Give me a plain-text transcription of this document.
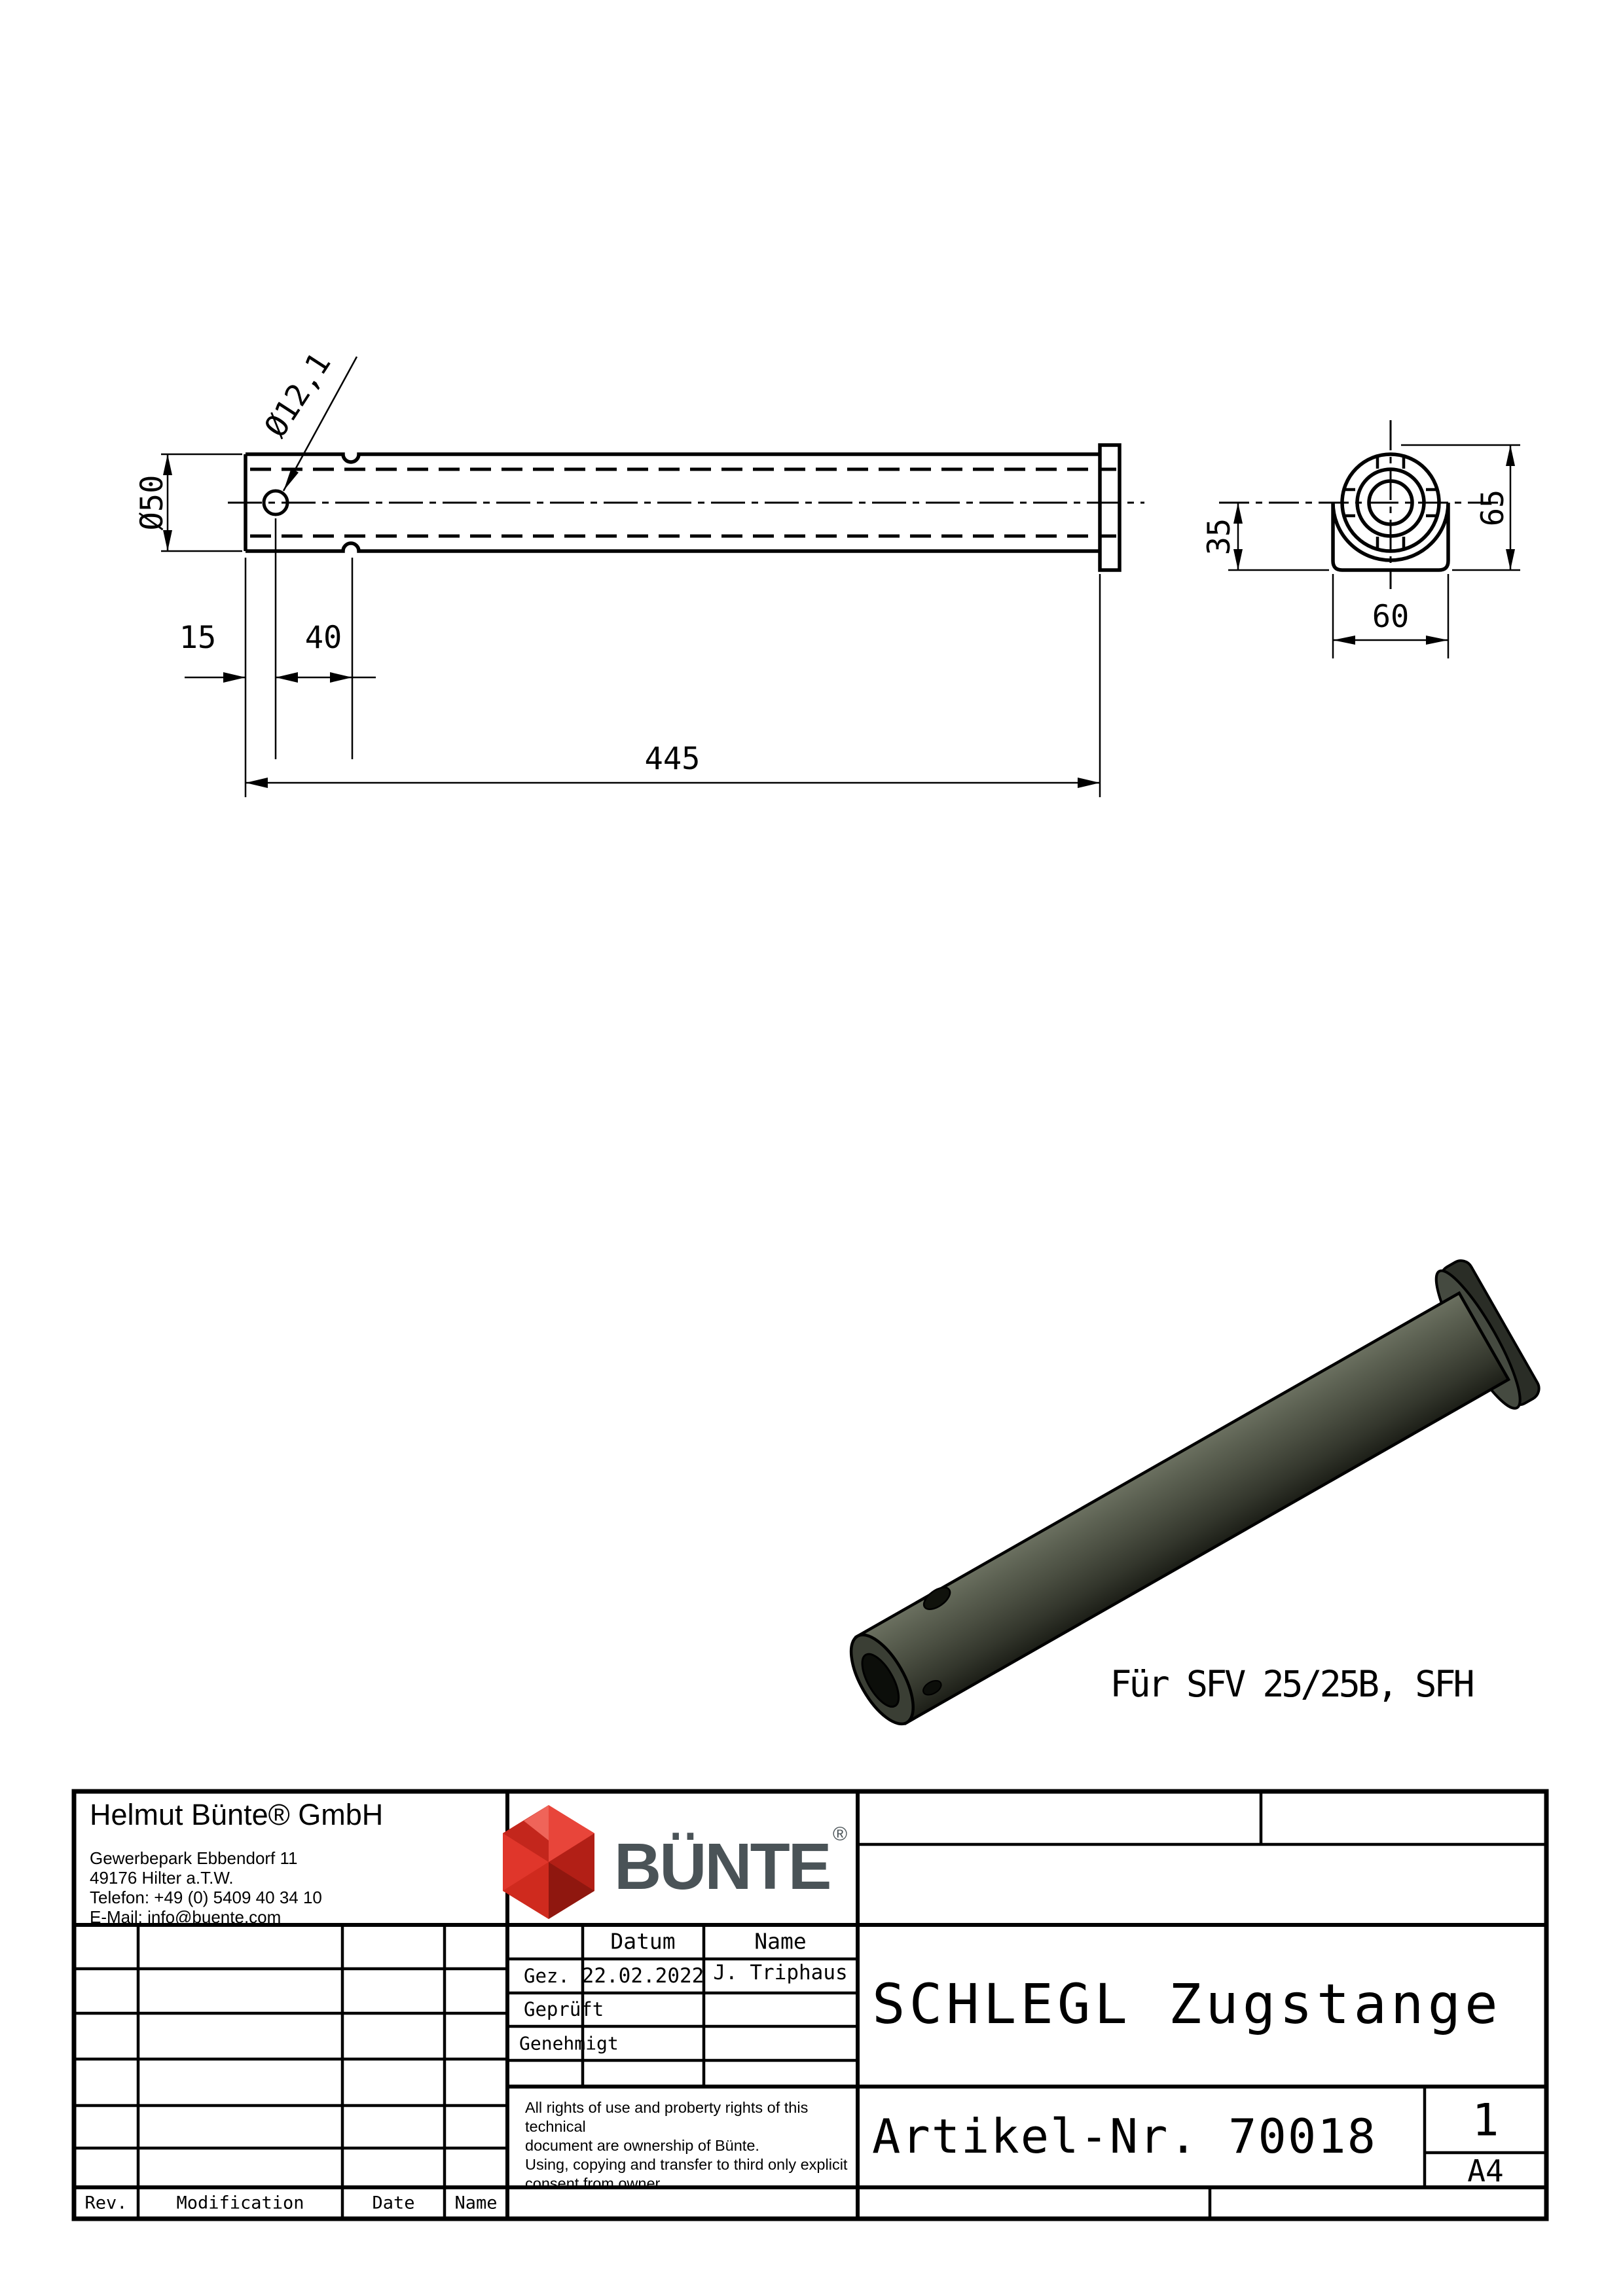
Ø50
Ø12,1
15	40
445
65
35
60
BÜNTE ®
Für SFV 25/25B, SFH
Helmut Bünte® GmbH
Gewerbepark Ebbendorf 11
49176 Hilter a.T.W.
Telefon: +49 (0) 5409 40 34 10
E-Mail: info@buente.com
Datum	Name
Gez. 22.02.2022 J. Triphaus
Geprüft
Genehmigt
All rights of use and proberty rights of this technical
document are ownership of Bünte.
Using, copying and transfer to third only explicit
consent from owner.
SCHLEGL Zugstange
Artikel-Nr. 70018 1
A4
Rev.	Modification	Date Name
